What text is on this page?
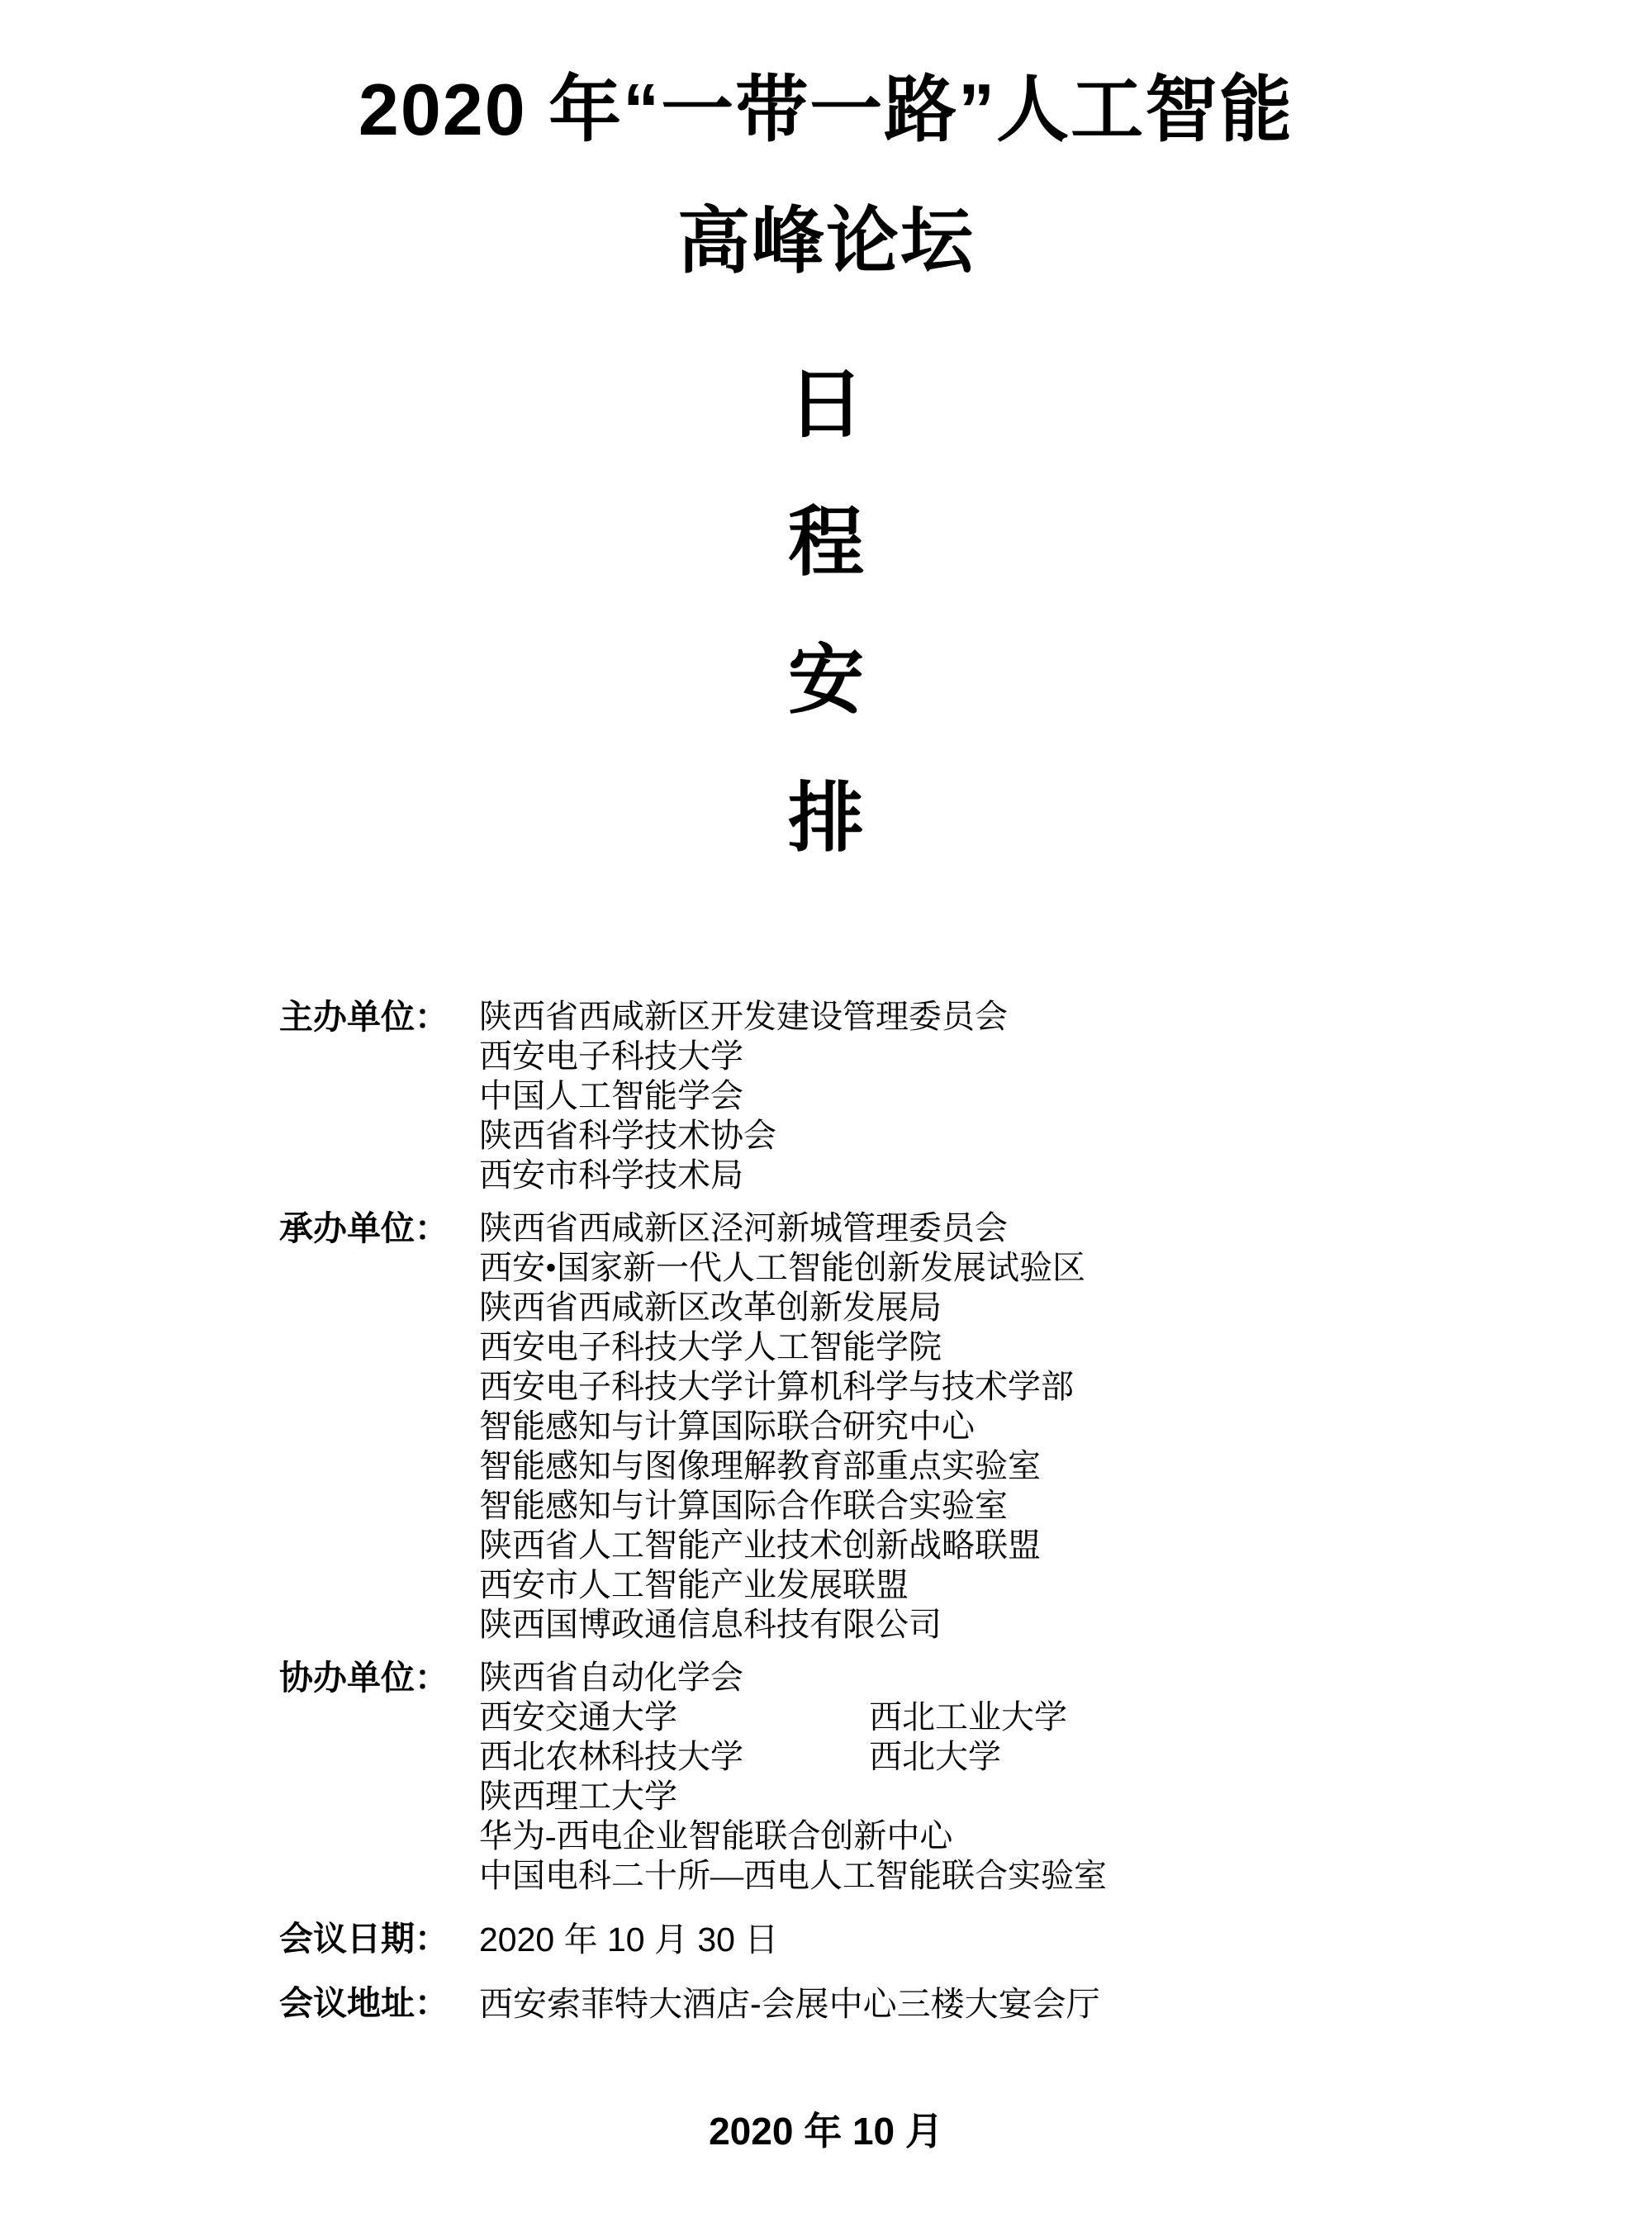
2020 年“一带一路”人工智能
高峰论坛
日
程
安
排
主办单位： 陕西省西咸新区开发建设管理委员会
西安电子科技大学
中国人工智能学会
陕西省科学技术协会
西安市科学技术局
承办单位： 陕西省西咸新区泾河新城管理委员会
西安•国家新一代人工智能创新发展试验区
陕西省西咸新区改革创新发展局
西安电子科技大学人工智能学院
西安电子科技大学计算机科学与技术学部
智能感知与计算国际联合研究中心
智能感知与图像理解教育部重点实验室
智能感知与计算国际合作联合实验室
陕西省人工智能产业技术创新战略联盟
西安市人工智能产业发展联盟
陕西国博政通信息科技有限公司
协办单位： 陕西省自动化学会
西安交通大学	西北工业大学
西北农林科技大学	西北大学
陕西理工大学
华为-西电企业智能联合创新中心
中国电科二十所—西电人工智能联合实验室
会议日期： 2020 年 10 月 30 日
会议地址： 西安索菲特大酒店-会展中心三楼大宴会厅
2020 年 10 月
